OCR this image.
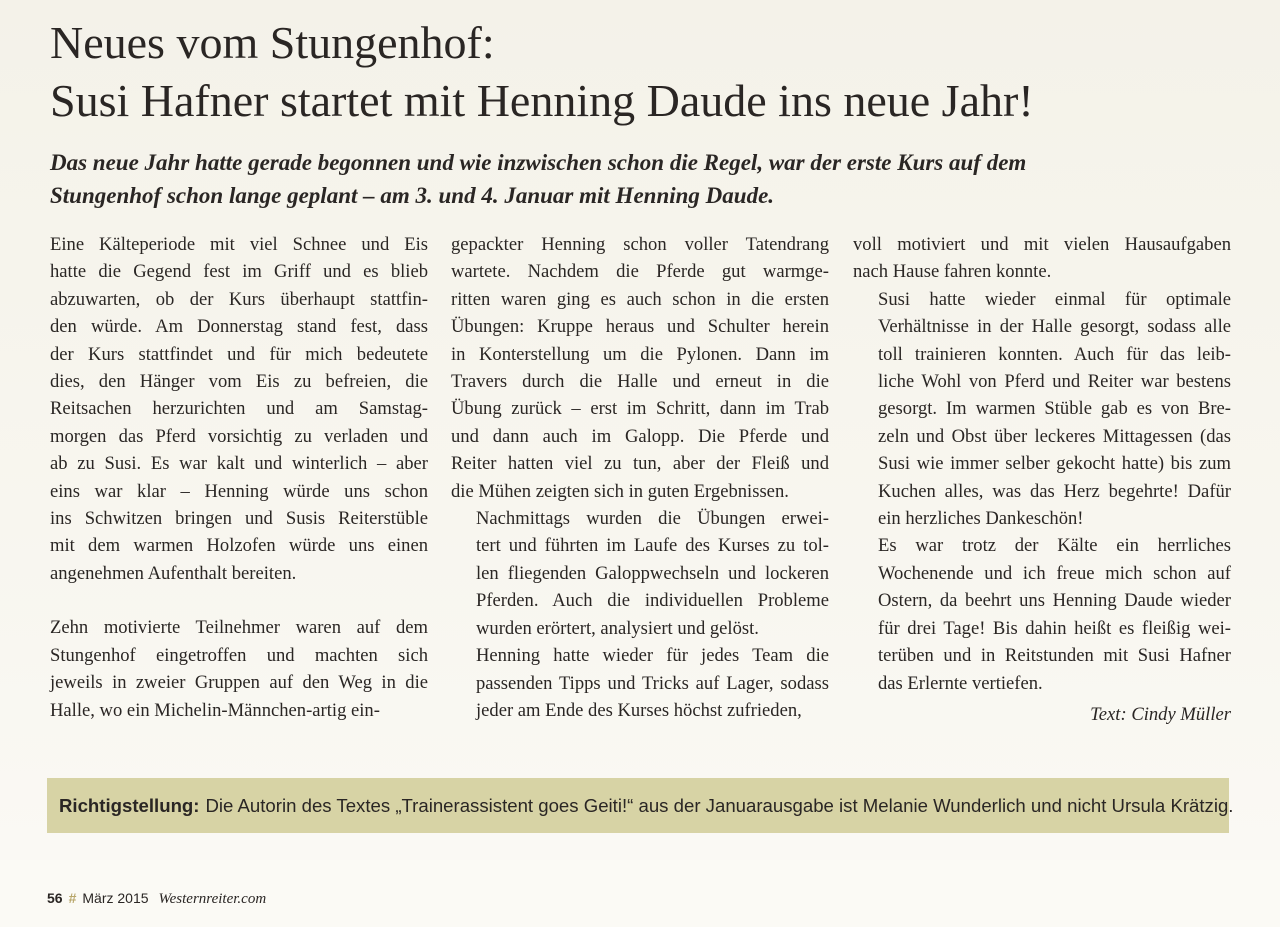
Neues vom Stungenhof:
Susi Hafner startet mit Henning Daude ins neue Jahr!

Das neue Jahr hatte gerade begonnen und wie inzwischen schon die Regel, war der erste Kurs auf dem
Stungenhof schon lange geplant – am 3. und 4. Januar mit Henning Daude.

Eine Kälteperiode mit viel Schnee und Eis
hatte die Gegend fest im Griff und es blieb
abzuwarten, ob der Kurs überhaupt stattfin-
den würde. Am Donnerstag stand fest, dass
der Kurs stattfindet und für mich bedeutete
dies, den Hänger vom Eis zu befreien, die
Reitsachen herzurichten und am Samstag-
morgen das Pferd vorsichtig zu verladen und
ab zu Susi. Es war kalt und winterlich – aber
eins war klar – Henning würde uns schon
ins Schwitzen bringen und Susis Reiterstüble
mit dem warmen Holzofen würde uns einen
angenehmen Aufenthalt bereiten.

Zehn motivierte Teilnehmer waren auf dem
Stungenhof eingetroffen und machten sich
jeweils in zweier Gruppen auf den Weg in die
Halle, wo ein Michelin-Männchen-artig ein-

gepackter Henning schon voller Tatendrang
wartete. Nachdem die Pferde gut warmge-
ritten waren ging es auch schon in die ersten
Übungen: Kruppe heraus und Schulter herein
in Konterstellung um die Pylonen. Dann im
Travers durch die Halle und erneut in die
Übung zurück – erst im Schritt, dann im Trab
und dann auch im Galopp. Die Pferde und
Reiter hatten viel zu tun, aber der Fleiß und
die Mühen zeigten sich in guten Ergebnissen.

Nachmittags wurden die Übungen erwei-
tert und führten im Laufe des Kurses zu tol-
len fliegenden Galoppwechseln und lockeren
Pferden. Auch die individuellen Probleme
wurden erörtert, analysiert und gelöst.

Henning hatte wieder für jedes Team die
passenden Tipps und Tricks auf Lager, sodass
jeder am Ende des Kurses höchst zufrieden,

voll motiviert und mit vielen Hausaufgaben
nach Hause fahren konnte.

Susi hatte wieder einmal für optimale
Verhältnisse in der Halle gesorgt, sodass alle
toll trainieren konnten. Auch für das leib-
liche Wohl von Pferd und Reiter war bestens
gesorgt. Im warmen Stüble gab es von Bre-
zeln und Obst über leckeres Mittagessen (das
Susi wie immer selber gekocht hatte) bis zum
Kuchen alles, was das Herz begehrte! Dafür
ein herzliches Dankeschön!

Es war trotz der Kälte ein herrliches
Wochenende und ich freue mich schon auf
Ostern, da beehrt uns Henning Daude wieder
für drei Tage! Bis dahin heißt es fleißig wei-
terüben und in Reitstunden mit Susi Hafner
das Erlernte vertiefen.

Text: Cindy Müller

Richtigstellung: Die Autorin des Textes „Trainerassistent goes Geiti!“ aus der Januarausgabe ist Melanie Wunderlich und nicht Ursula Krätzig.
56 # März 2015 Westernreiter.com
